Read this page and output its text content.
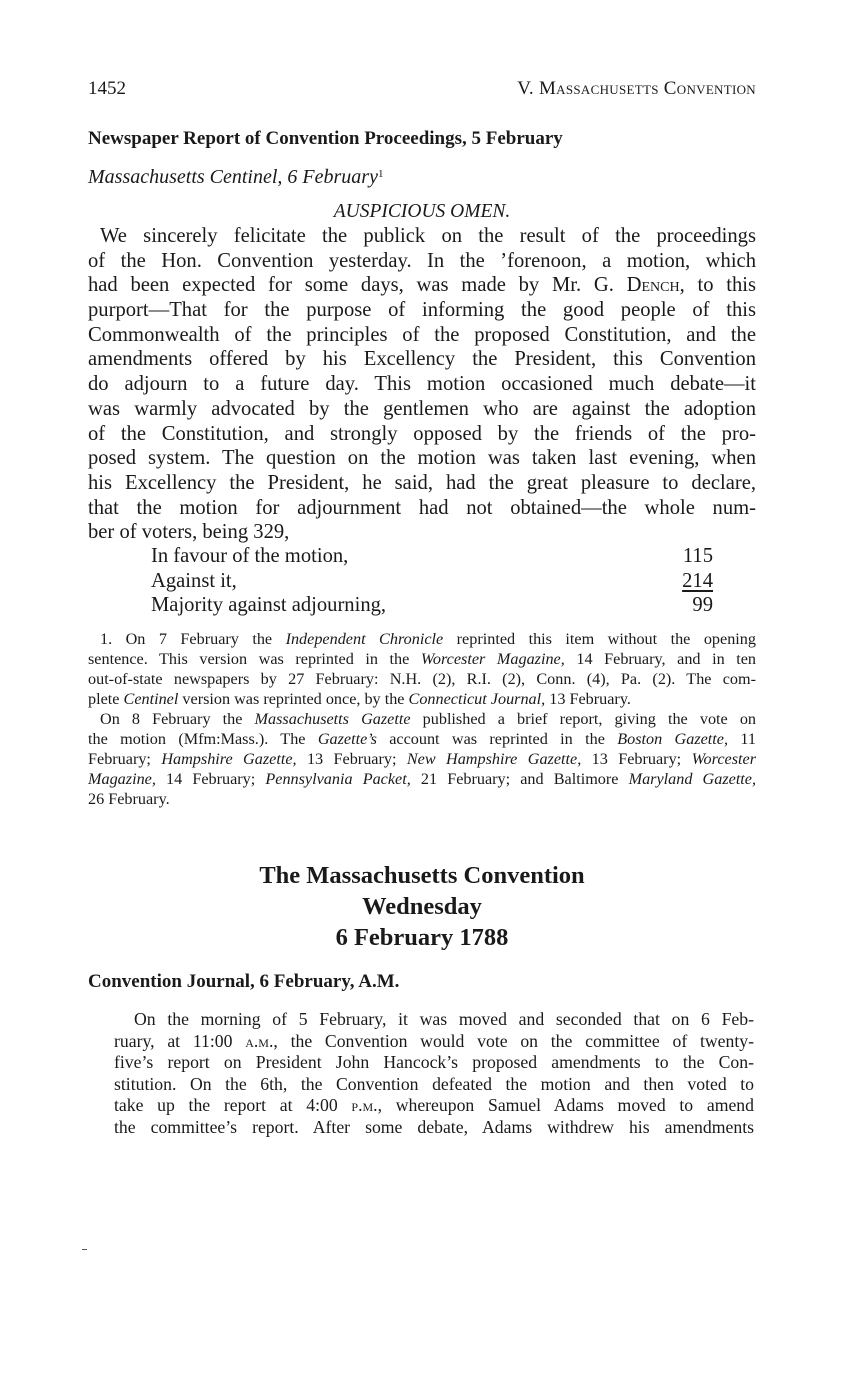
1452	V. Massachusetts Convention
Newspaper Report of Convention Proceedings, 5 February
Massachusetts Centinel, 6 February$^1$
AUSPICIOUS OMEN.
We sincerely felicitate the publick on the result of the proceedings
of the Hon. Convention yesterday. In the ’forenoon, a motion, which
had been expected for some days, was made by Mr. G. Dench, to this
purport—That for the purpose of informing the good people of this
Commonwealth of the principles of the proposed Constitution, and the
amendments offered by his Excellency the President, this Convention
do adjourn to a future day. This motion occasioned much debate—it
was warmly advocated by the gentlemen who are against the adoption
of the Constitution, and strongly opposed by the friends of the pro-
posed system. The question on the motion was taken last evening, when
his Excellency the President, he said, had the great pleasure to declare,
that the motion for adjournment had not obtained—the whole num-
ber of voters, being 329,
In favour of the motion,	115
Against it,	214
Majority against adjourning,	99
1. On 7 February the Independent Chronicle reprinted this item without the opening
sentence. This version was reprinted in the Worcester Magazine, 14 February, and in ten
out-of-state newspapers by 27 February: N.H. (2), R.I. (2), Conn. (4), Pa. (2). The com-
plete Centinel version was reprinted once, by the Connecticut Journal, 13 February.
On 8 February the Massachusetts Gazette published a brief report, giving the vote on
the motion (Mfm:Mass.). The Gazette’s account was reprinted in the Boston Gazette, 11
February; Hampshire Gazette, 13 February; New Hampshire Gazette, 13 February; Worcester
Magazine, 14 February; Pennsylvania Packet, 21 February; and Baltimore Maryland Gazette,
26 February.
The Massachusetts Convention
Wednesday
6 February 1788
Convention Journal, 6 February, A.M.
On the morning of 5 February, it was moved and seconded that on 6 Feb-
ruary, at 11:00 a.m., the Convention would vote on the committee of twenty-
five’s report on President John Hancock’s proposed amendments to the Con-
stitution. On the 6th, the Convention defeated the motion and then voted to
take up the report at 4:00 p.m., whereupon Samuel Adams moved to amend
the committee’s report. After some debate, Adams withdrew his amendments
